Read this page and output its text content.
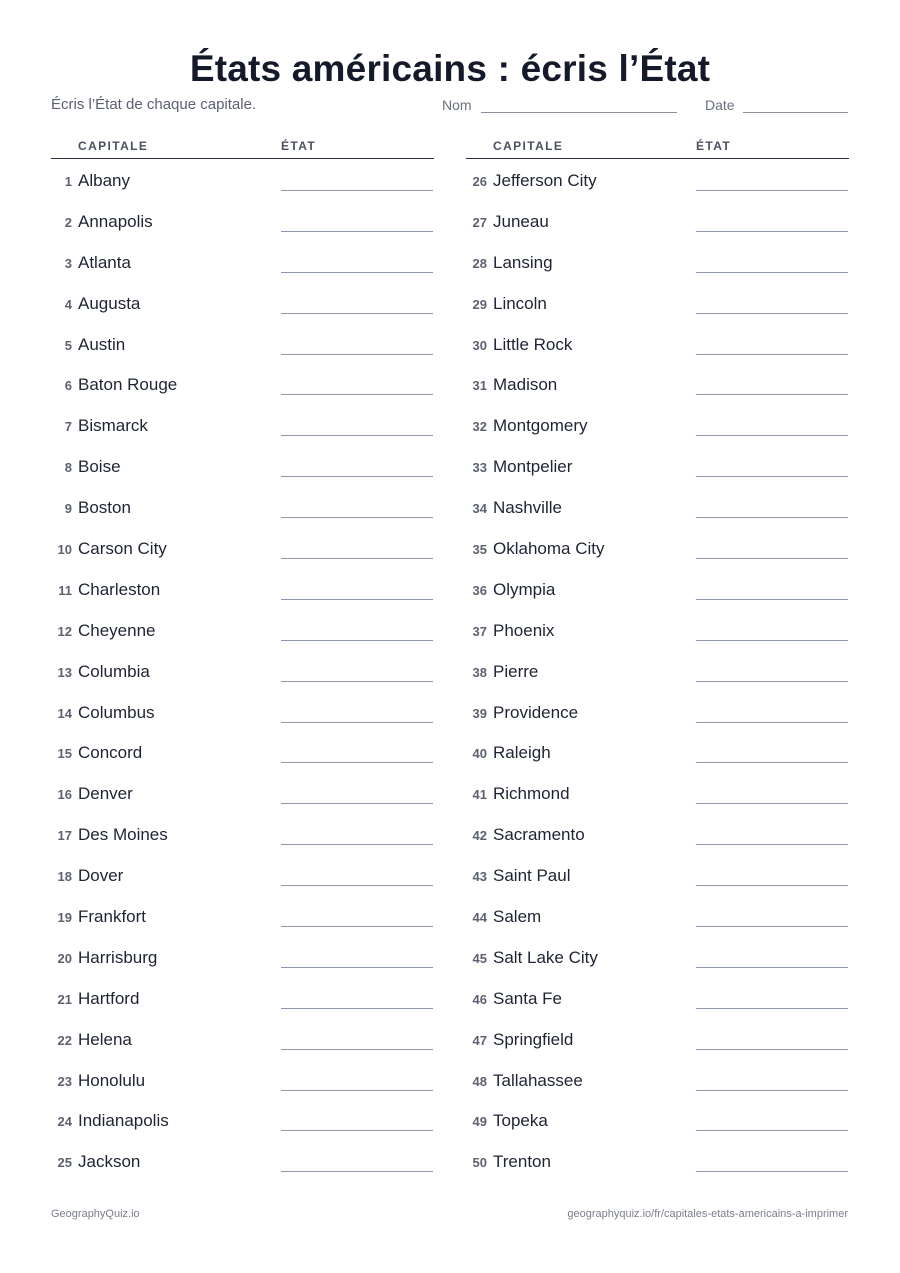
États américains : écris l’État
Écris l’État de chaque capitale.	Nom	Date
CAPITALE	ÉTAT
1 Albany
2 Annapolis
3 Atlanta
4 Augusta
5 Austin
6 Baton Rouge
7 Bismarck
8 Boise
9 Boston
10 Carson City
11 Charleston
12 Cheyenne
13 Columbia
14 Columbus
15 Concord
16 Denver
17 Des Moines
18 Dover
19 Frankfort
20 Harrisburg
21 Hartford
22 Helena
23 Honolulu
24 Indianapolis
25 Jackson
CAPITALE	ÉTAT
26 Jefferson City
27 Juneau
28 Lansing
29 Lincoln
30 Little Rock
31 Madison
32 Montgomery
33 Montpelier
34 Nashville
35 Oklahoma City
36 Olympia
37 Phoenix
38 Pierre
39 Providence
40 Raleigh
41 Richmond
42 Sacramento
43 Saint Paul
44 Salem
45 Salt Lake City
46 Santa Fe
47 Springfield
48 Tallahassee
49 Topeka
50 Trenton
GeographyQuiz.io	geographyquiz.io/fr/capitales-etats-americains-a-imprimer
